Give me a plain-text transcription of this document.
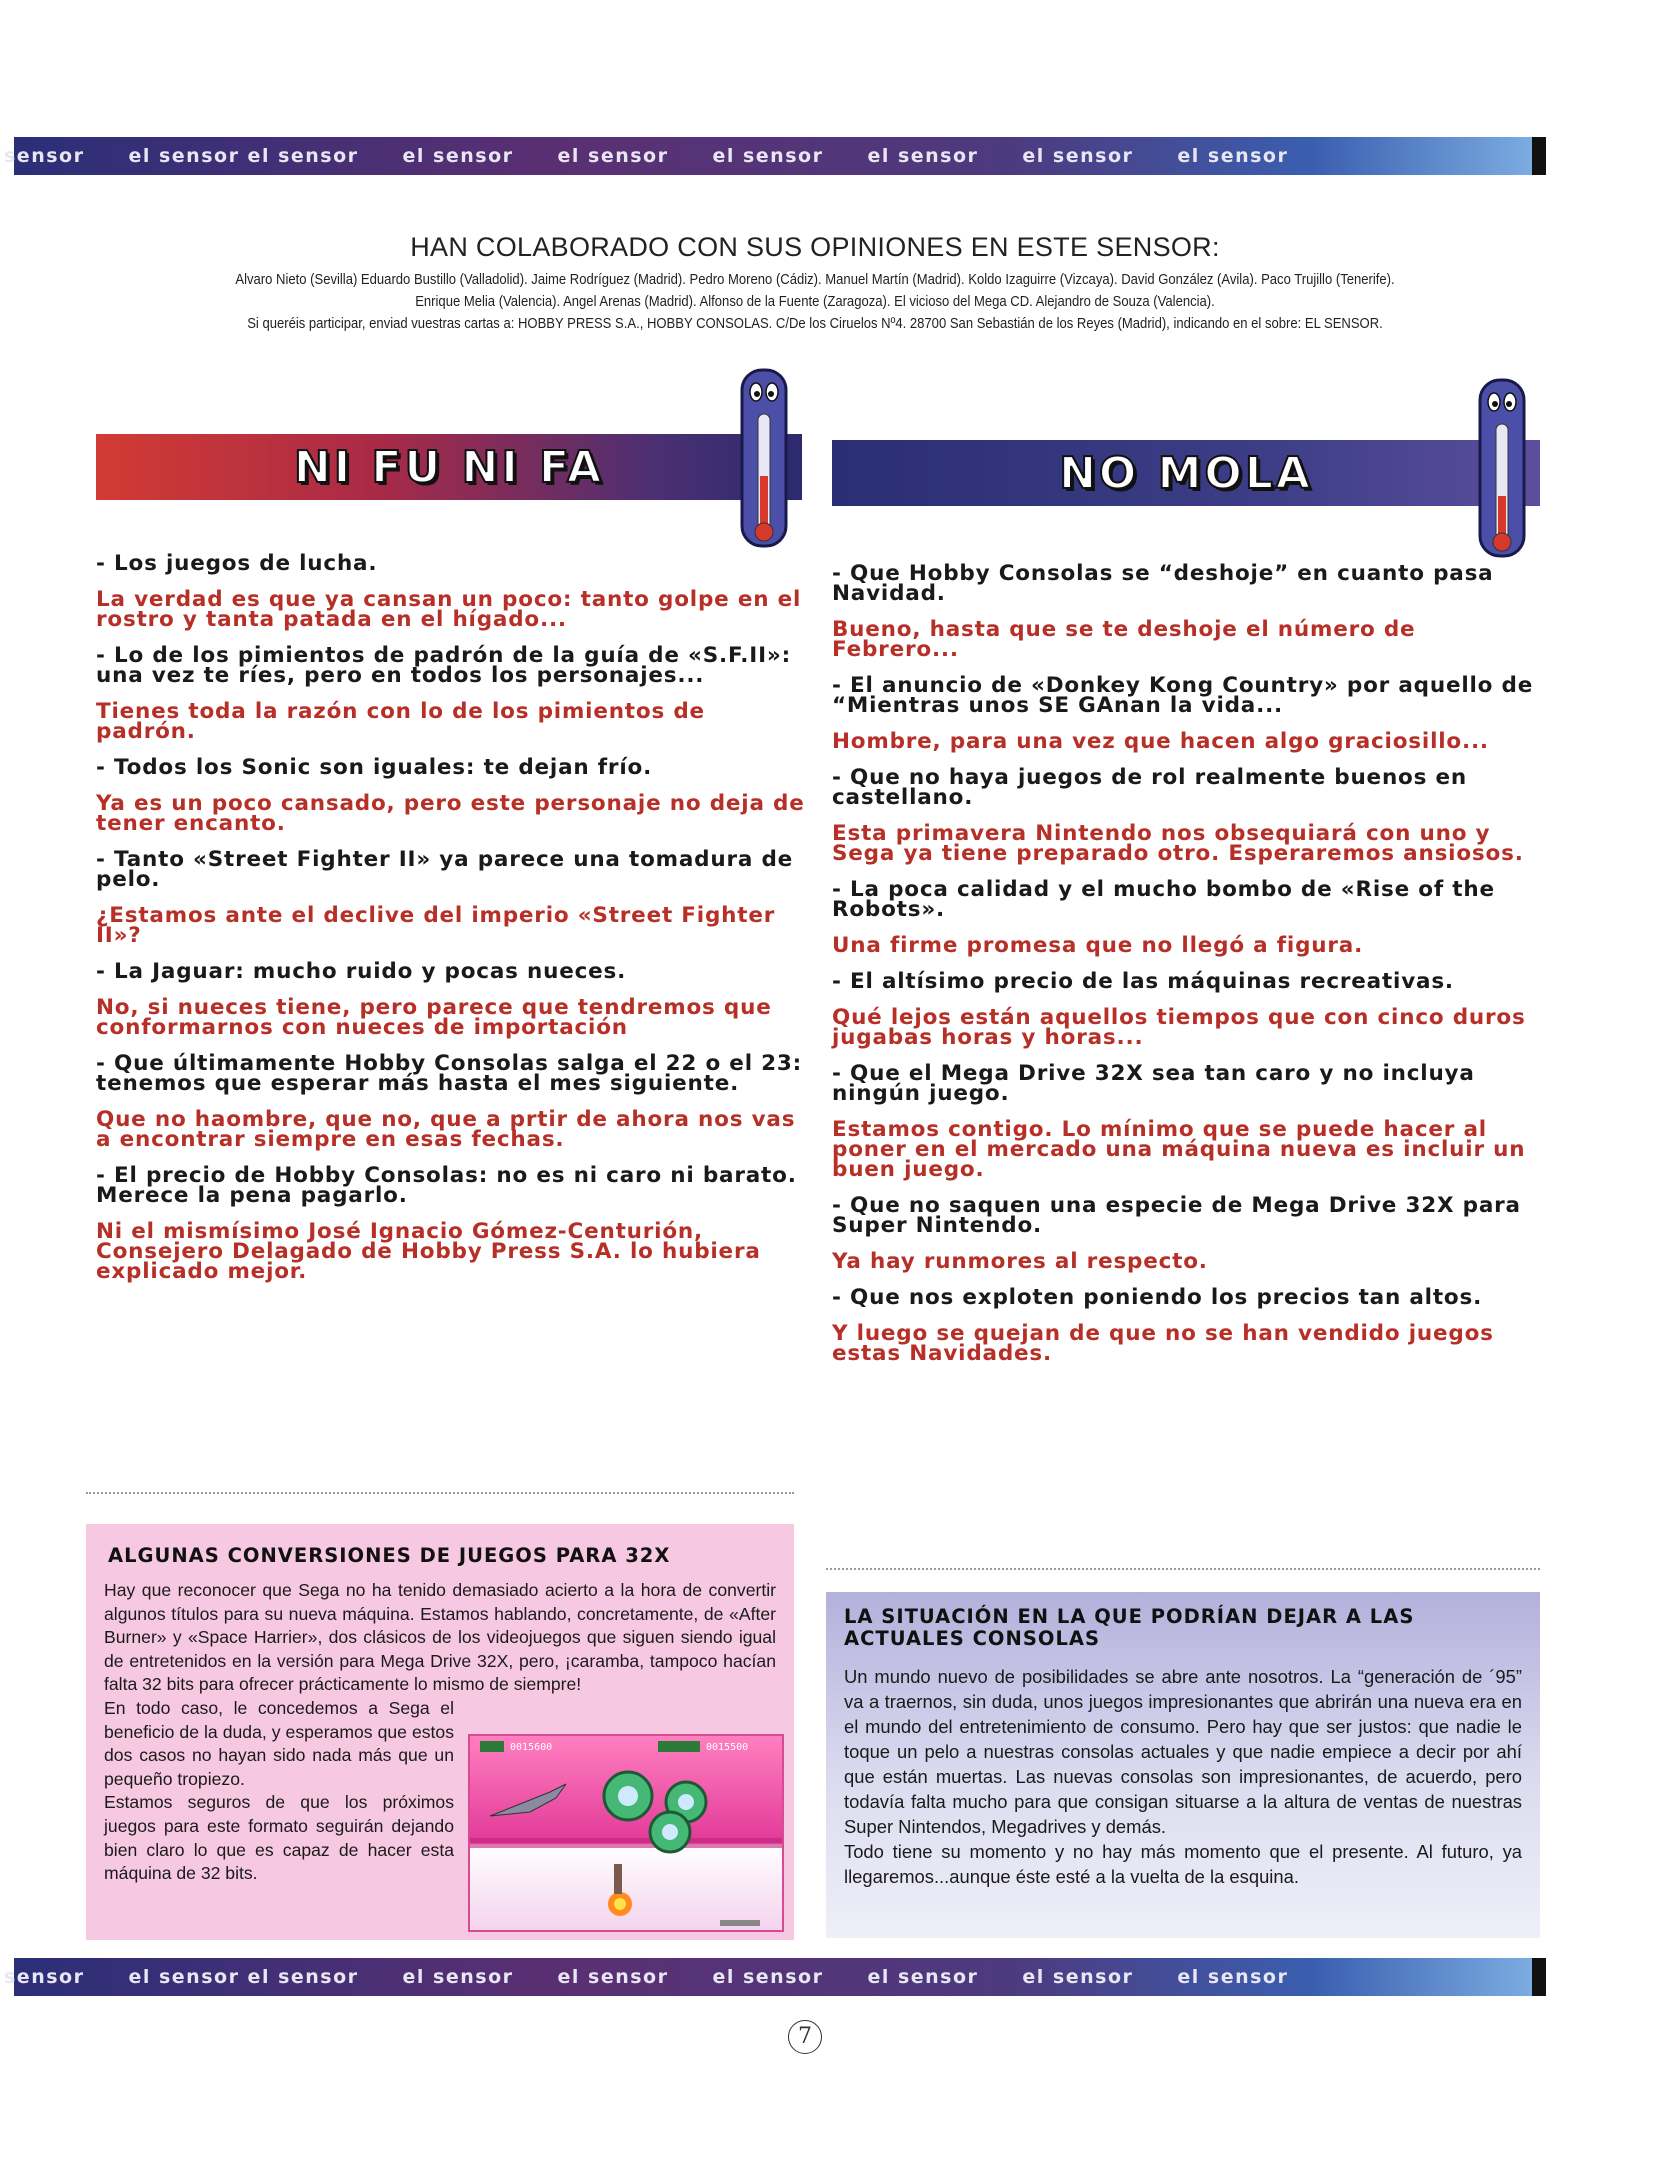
sensor el sensor el sensor el sensor el sensor el sensor el sensor el sensor el sensor
HAN COLABORADO CON SUS OPINIONES EN ESTE SENSOR:
Alvaro Nieto (Sevilla) Eduardo Bustillo (Valladolid). Jaime Rodríguez (Madrid). Pedro Moreno (Cádiz). Manuel Martín (Madrid). Koldo Izaguirre (Vizcaya). David González (Avila). Paco Trujillo (Tenerife).
Enrique Melia (Valencia). Angel Arenas (Madrid). Alfonso de la Fuente (Zaragoza). El vicioso del Mega CD. Alejandro de Souza (Valencia).
Si queréis participar, enviad vuestras cartas a: HOBBY PRESS S.A., HOBBY CONSOLAS. C/De los Ciruelos Nº4. 28700 San Sebastián de los Reyes (Madrid), indicando en el sobre: EL SENSOR.
NI FU NI FA	NO MOLA

- Los juegos de lucha.

La verdad es que ya cansan un poco: tanto golpe en el rostro y tanta patada en el hígado...

- Lo de los pimientos de padrón de la guía de «S.F.II»: una vez te ríes, pero en todos los personajes...

Tienes toda la razón con lo de los pimientos de padrón.

- Todos los Sonic son iguales: te dejan frío.

Ya es un poco cansado, pero este personaje no deja de tener encanto.

- Tanto «Street Fighter II» ya parece una tomadura de pelo.

¿Estamos ante el declive del imperio «Street Fighter II»?

- La Jaguar: mucho ruido y pocas nueces.

No, si nueces tiene, pero parece que tendremos que conformarnos con nueces de importación

- Que últimamente Hobby Consolas salga el 22 o el 23: tenemos que esperar más hasta el mes siguiente.

Que no haombre, que no, que a prtir de ahora nos vas a encontrar siempre en esas fechas.

- El precio de Hobby Consolas: no es ni caro ni barato. Merece la pena pagarlo.

Ni el mismísimo José Ignacio Gómez-Centurión, Consejero Delagado de Hobby Press S.A. lo hubiera explicado mejor.

- Que Hobby Consolas se “deshoje” en cuanto pasa Navidad.

Bueno, hasta que se te deshoje el número de Febrero...

- El anuncio de «Donkey Kong Country» por aquello de “Mientras unos SE GAnan la vida...

Hombre, para una vez que hacen algo graciosillo...

- Que no haya juegos de rol realmente buenos en castellano.

Esta primavera Nintendo nos obsequiará con uno y Sega ya tiene preparado otro. Esperaremos ansiosos.

- La poca calidad y el mucho bombo de «Rise of the Robots».

Una firme promesa que no llegó a figura.

- El altísimo precio de las máquinas recreativas.

Qué lejos están aquellos tiempos que con cinco duros jugabas horas y horas...

- Que el Mega Drive 32X sea tan caro y no incluya ningún juego.

Estamos contigo. Lo mínimo que se puede hacer al poner en el mercado una máquina nueva es incluir un buen juego.

- Que no saquen una especie de Mega Drive 32X para Super Nintendo.

Ya hay runmores al respecto.

- Que nos exploten poniendo los precios tan altos.

Y luego se quejan de que no se han vendido juegos estas Navidades.

ALGUNAS CONVERSIONES DE JUEGOS PARA 32X

Hay que reconocer que Sega no ha tenido demasiado acierto a la hora de convertir algunos títulos para su nueva máquina. Estamos hablando, concretamente, de «After Burner» y «Space Harrier», dos clásicos de los videojuegos que siguen siendo igual de entretenidos en la versión para Mega Drive 32X, pero, ¡caramba, tampoco hacían falta 32 bits para ofrecer prácticamente lo mismo de siempre!

En todo caso, le concedemos a Sega el beneficio de la duda, y esperamos que estos dos casos no hayan sido nada más que un pequeño tropiezo.

Estamos seguros de que los próximos juegos para este formato seguirán dejando bien claro lo que es capaz de hacer esta máquina de 32 bits.

0015600	0015500
LA SITUACIÓN EN LA QUE PODRÍAN DEJAR A LAS ACTUALES CONSOLAS

Un mundo nuevo de posibilidades se abre ante nosotros. La “generación de ´95” va a traernos, sin duda, unos juegos impresionantes que abrirán una nueva era en el mundo del entretenimiento de consumo. Pero hay que ser justos: que nadie le toque un pelo a nuestras consolas actuales y que nadie empiece a decir por ahí que están muertas. Las nuevas consolas son impresionantes, de acuerdo, pero todavía falta mucho para que consigan situarse a la altura de ventas de nuestras Super Nintendos, Megadrives y demás.

Todo tiene su momento y no hay más momento que el presente. Al futuro, ya llegaremos...aunque éste esté a la vuelta de la esquina.

sensor el sensor el sensor el sensor el sensor el sensor el sensor el sensor el sensor
7
